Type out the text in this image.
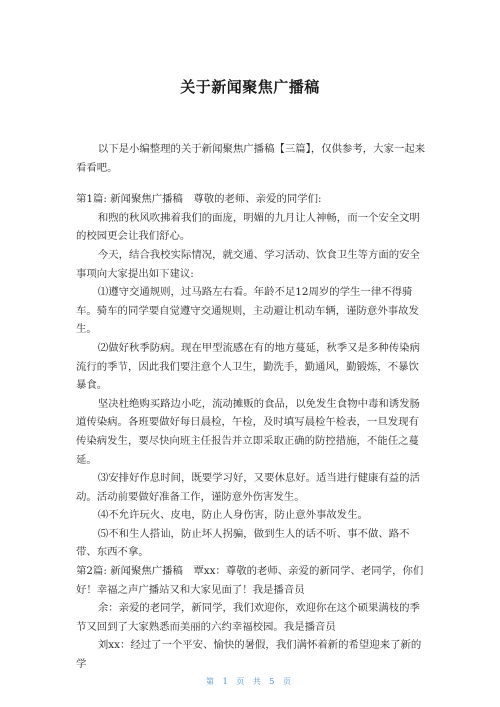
关于新闻聚焦广播稿

以下是小编整理的关于新闻聚焦广播稿【三篇】，仅供参考，大家一起来看看吧。

第1篇: 新闻聚焦广播稿　尊敬的老师、亲爱的同学们:

和煦的秋风吹拂着我们的面庞，明媚的九月让人神畅，而一个安全文明的校园更会让我们舒心。

今天，结合我校实际情况，就交通、学习活动、饮食卫生等方面的安全事项向大家提出如下建议:

⑴遵守交通规则，过马路左右看。年龄不足12周岁的学生一律不得骑车。骑车的同学要自觉遵守交通规则，主动避让机动车辆，谨防意外事故发生。

⑵做好秋季防病。现在甲型流感在有的地方蔓延，秋季又是多种传染病流行的季节，因此我们要注意个人卫生，勤洗手，勤通风，勤锻炼，不暴饮暴食。

坚决杜绝购买路边小吃，流动摊贩的食品，以免发生食物中毒和诱发肠道传染病。各班要做好每日晨检，午检，及时填写晨检午检表，一旦发现有传染病发生，要尽快向班主任报告并立即采取正确的防控措施，不能任之蔓延。

⑶安排好作息时间，既要学习好，又要休息好。适当进行健康有益的活动。活动前要做好准备工作，谨防意外伤害发生。

⑷不允许玩火、皮电，防止人身伤害，防止意外事故发生。

⑸不和生人搭讪，防止坏人拐骗，做到生人的话不听、事不做、路不带、东西不拿。

第2篇: 新闻聚焦广播稿　覃xx：尊敬的老师、亲爱的新同学、老同学，你们好！幸福之声广播站又和大家见面了！我是播音员

余：亲爱的老同学，新同学，我们欢迎你，欢迎你在这个硕果满枝的季节又回到了大家熟悉而美丽的六约幸福校园。我是播音员

刘xx：经过了一个平安、愉快的暑假，我们满怀着新的希望迎来了新的学

第 1 页 共 5 页
